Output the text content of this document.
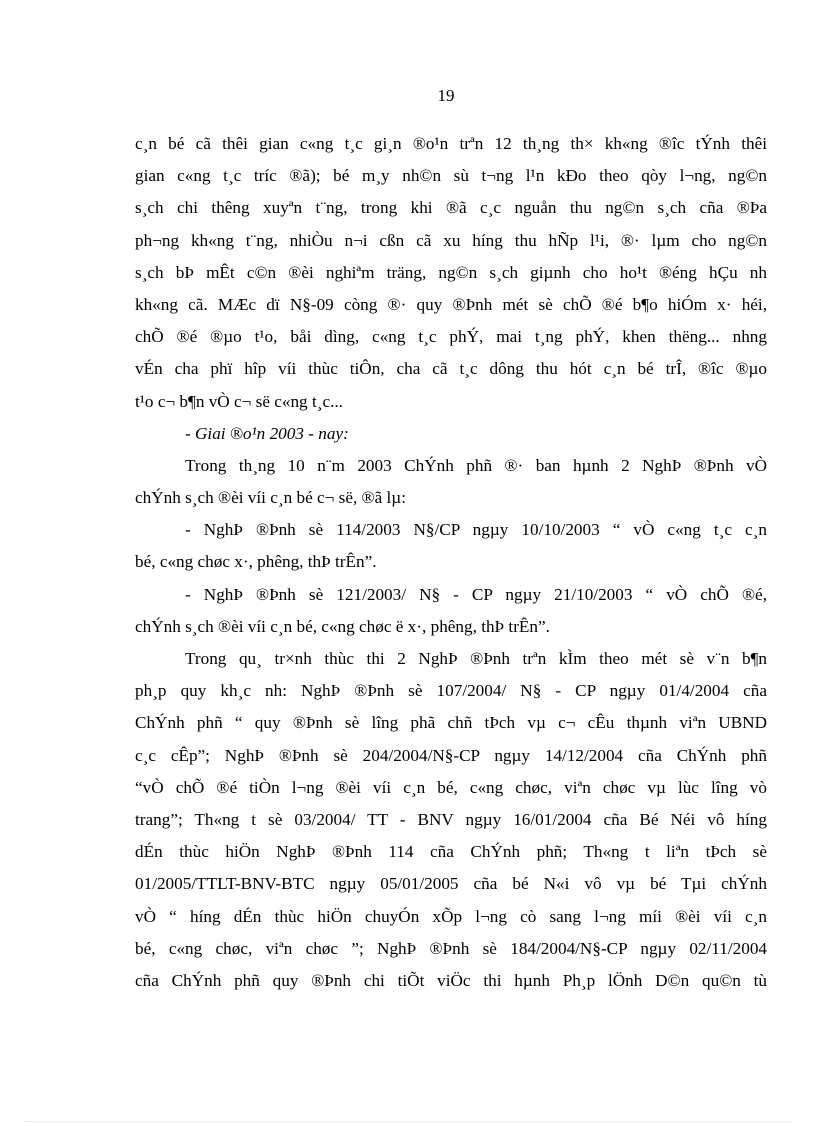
19
c¸n bé cã thêi gian c«ng t¸c gi¸n ®o¹n trªn 12 th¸ng th× kh«ng ®îc tÝnh thêi
gian c«ng t¸c tríc ®ã); bé m¸y nh©n sù t¬ng l¹n kÐo theo qòy l¬ng, ng©n
s¸ch chi thêng xuyªn t¨ng, trong khi ®ã c¸c nguån thu ng©n s¸ch cña ®Þa
ph¬ng kh«ng t¨ng, nhiÒu n¬i cßn cã xu híng thu hÑp l¹i, ®· lµm cho ng©n
s¸ch bÞ mÊt c©n ®èi nghiªm träng, ng©n s¸ch giµnh cho ho¹t ®éng hÇu nh
kh«ng cã. MÆc dï N§-09 còng ®· quy ®Þnh mét sè chÕ ®é b¶o hiÓm x· héi,
chÕ ®é ®µo t¹o, båi dìng, c«ng t¸c phÝ, mai t¸ng phÝ, khen thëng... nhng
vÉn cha phï hîp víi thùc tiÔn, cha cã t¸c dông thu hót c¸n bé trÎ, ®îc ®µo
t¹o c¬ b¶n vÒ c¬ së c«ng t¸c...
- Giai ®o¹n 2003 - nay:
Trong th¸ng 10 n¨m 2003 ChÝnh phñ ®· ban hµnh 2 NghÞ ®Þnh vÒ
chÝnh s¸ch ®èi víi c¸n bé c¬ së, ®ã lµ:
- NghÞ ®Þnh sè 114/2003 N§/CP ngµy 10/10/2003 “ vÒ c«ng t¸c c¸n
bé, c«ng chøc x·, phêng, thÞ trÊn”.
- NghÞ ®Þnh sè 121/2003/ N§ - CP ngµy 21/10/2003 “ vÒ chÕ ®é,
chÝnh s¸ch ®èi víi c¸n bé, c«ng chøc ë x·, phêng, thÞ trÊn”.
Trong qu¸ tr×nh thùc thi 2 NghÞ ®Þnh trªn kÌm theo mét sè v¨n b¶n
ph¸p quy kh¸c nh: NghÞ ®Þnh sè 107/2004/ N§ - CP ngµy 01/4/2004 cña
ChÝnh phñ “ quy ®Þnh sè lîng phã chñ tÞch vµ c¬ cÊu thµnh viªn UBND
c¸c cÊp”; NghÞ ®Þnh sè 204/2004/N§-CP ngµy 14/12/2004 cña ChÝnh phñ
“vÒ chÕ ®é tiÒn l¬ng ®èi víi c¸n bé, c«ng chøc, viªn chøc vµ lùc lîng vò
trang”; Th«ng t sè 03/2004/ TT - BNV ngµy 16/01/2004 cña Bé Néi vô híng
dÉn thùc hiÖn NghÞ ®Þnh 114 cña ChÝnh phñ; Th«ng t liªn tÞch sè
01/2005/TTLT-BNV-BTC ngµy 05/01/2005 cña bé N«i vô vµ bé Tµi chÝnh
vÒ “ híng dÉn thùc hiÖn chuyÓn xÕp l¬ng cò sang l¬ng míi ®èi víi c¸n
bé, c«ng chøc, viªn chøc ”; NghÞ ®Þnh sè 184/2004/N§-CP ngµy 02/11/2004
cña ChÝnh phñ quy ®Þnh chi tiÕt viÖc thi hµnh Ph¸p lÖnh D©n qu©n tù
